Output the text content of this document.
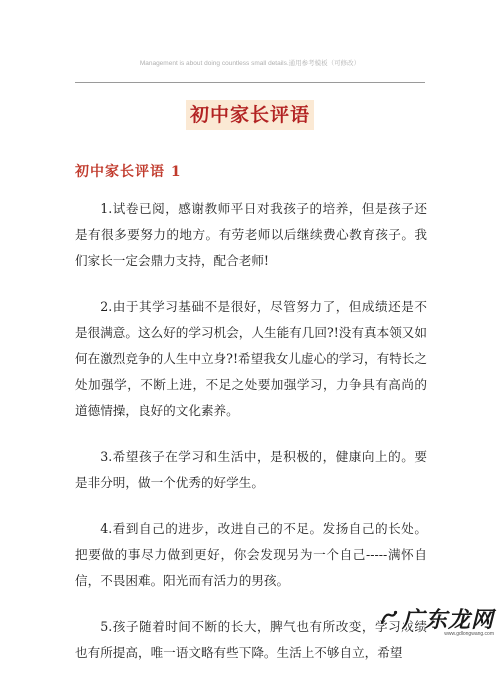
Management is about doing countless small details.通用参考模板（可修改）
初中家长评语
初中家长评语 1

1.试卷已阅，感谢教师平日对我孩子的培养，但是孩子还是有很多要努力的地方。有劳老师以后继续费心教育孩子。我们家长一定会鼎力支持，配合老师!

2.由于其学习基础不是很好，尽管努力了，但成绩还是不是很满意。这么好的学习机会，人生能有几回?!没有真本领又如何在激烈竞争的人生中立身?!希望我女儿虚心的学习，有特长之处加强学，不断上进，不足之处要加强学习，力争具有高尚的道德情操，良好的文化素养。

3.希望孩子在学习和生活中，是积极的，健康向上的。要是非分明，做一个优秀的好学生。

4.看到自己的进步，改进自己的不足。发扬自己的长处。把要做的事尽力做到更好，你会发现另为一个自己-----满怀自信，不畏困难。阳光而有活力的男孩。

5.孩子随着时间不断的长大，脾气也有所改变，学习成绩也有所提高，唯一语文略有些下降。生活上不够自立，希望

广东龙网
www.gdlongwang.com
